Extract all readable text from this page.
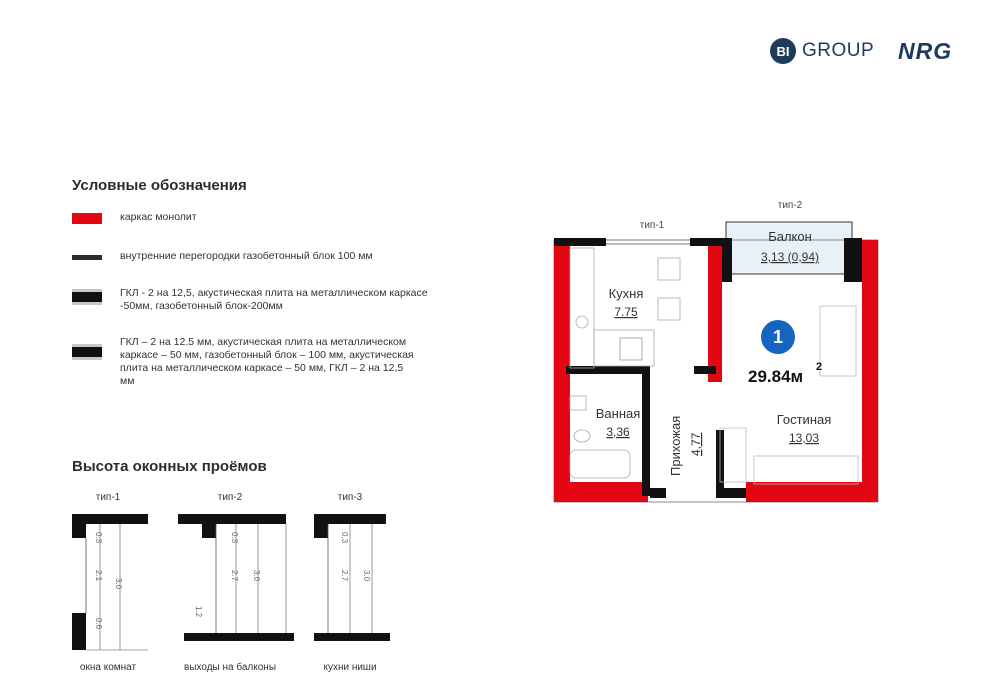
BI GROUP NRG
Условные обозначения
каркас монолит
внутренние перегородки газобетонный блок 100 мм
ГКЛ - 2 на 12,5, акустическая плита на металлическом каркасе -50мм, газобетонный блок-200мм
ГКЛ – 2 на 12.5 мм, акустическая плита на металлическом каркасе – 50 мм, газобетонный блок – 100 мм, акустическая плита на металлическом каркасе – 50 мм, ГКЛ – 2 на 12,5 мм
Высота оконных проёмов
тип-1
0.3
2.1
3.0
0.6
окна комнат
тип-2
0.3
2.7 3.0
1.2
выходы на балконы
тип-3
0.3
2.7 3.0
кухни ниши
тип-1
тип-2
1
29.84м 2
Балкон
3,13 (0,94)
Кухня
7.75
Ванная
3,36	Прихожая 4,77
Гостиная
13,03
